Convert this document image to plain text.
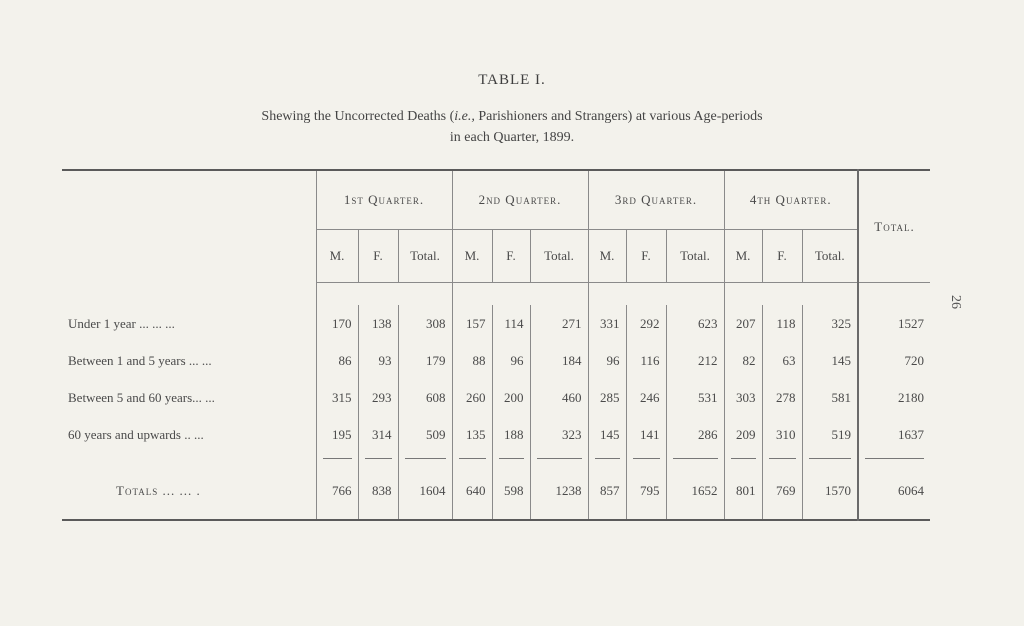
TABLE I.
Shewing the Uncorrected Deaths (i.e., Parishioners and Strangers) at various Age-periods
in each Quarter, 1899.
26
	1st Quarter.			2nd Quarter.			3rd Quarter.			4th Quarter.			Total.
	M.	F.	Total.	M.	F.	Total.	M.	F.	Total.	M.	F.	Total.	

Under 1 year ... ... ...	170	138	308	157	114	271	331	292	623	207	118	325	1527
Between 1 and 5 years ... ...	86	93	179	88	96	184	96	116	212	82	63	145	720
Between 5 and 60 years... ...	315	293	608	260	200	460	285	246	531	303	278	581	2180
60 years and upwards .. ...	195	314	509	135	188	323	145	141	286	209	310	519	1637

Totals ... ... .	766	838	1604	640	598	1238	857	795	1652	801	769	1570	6064
